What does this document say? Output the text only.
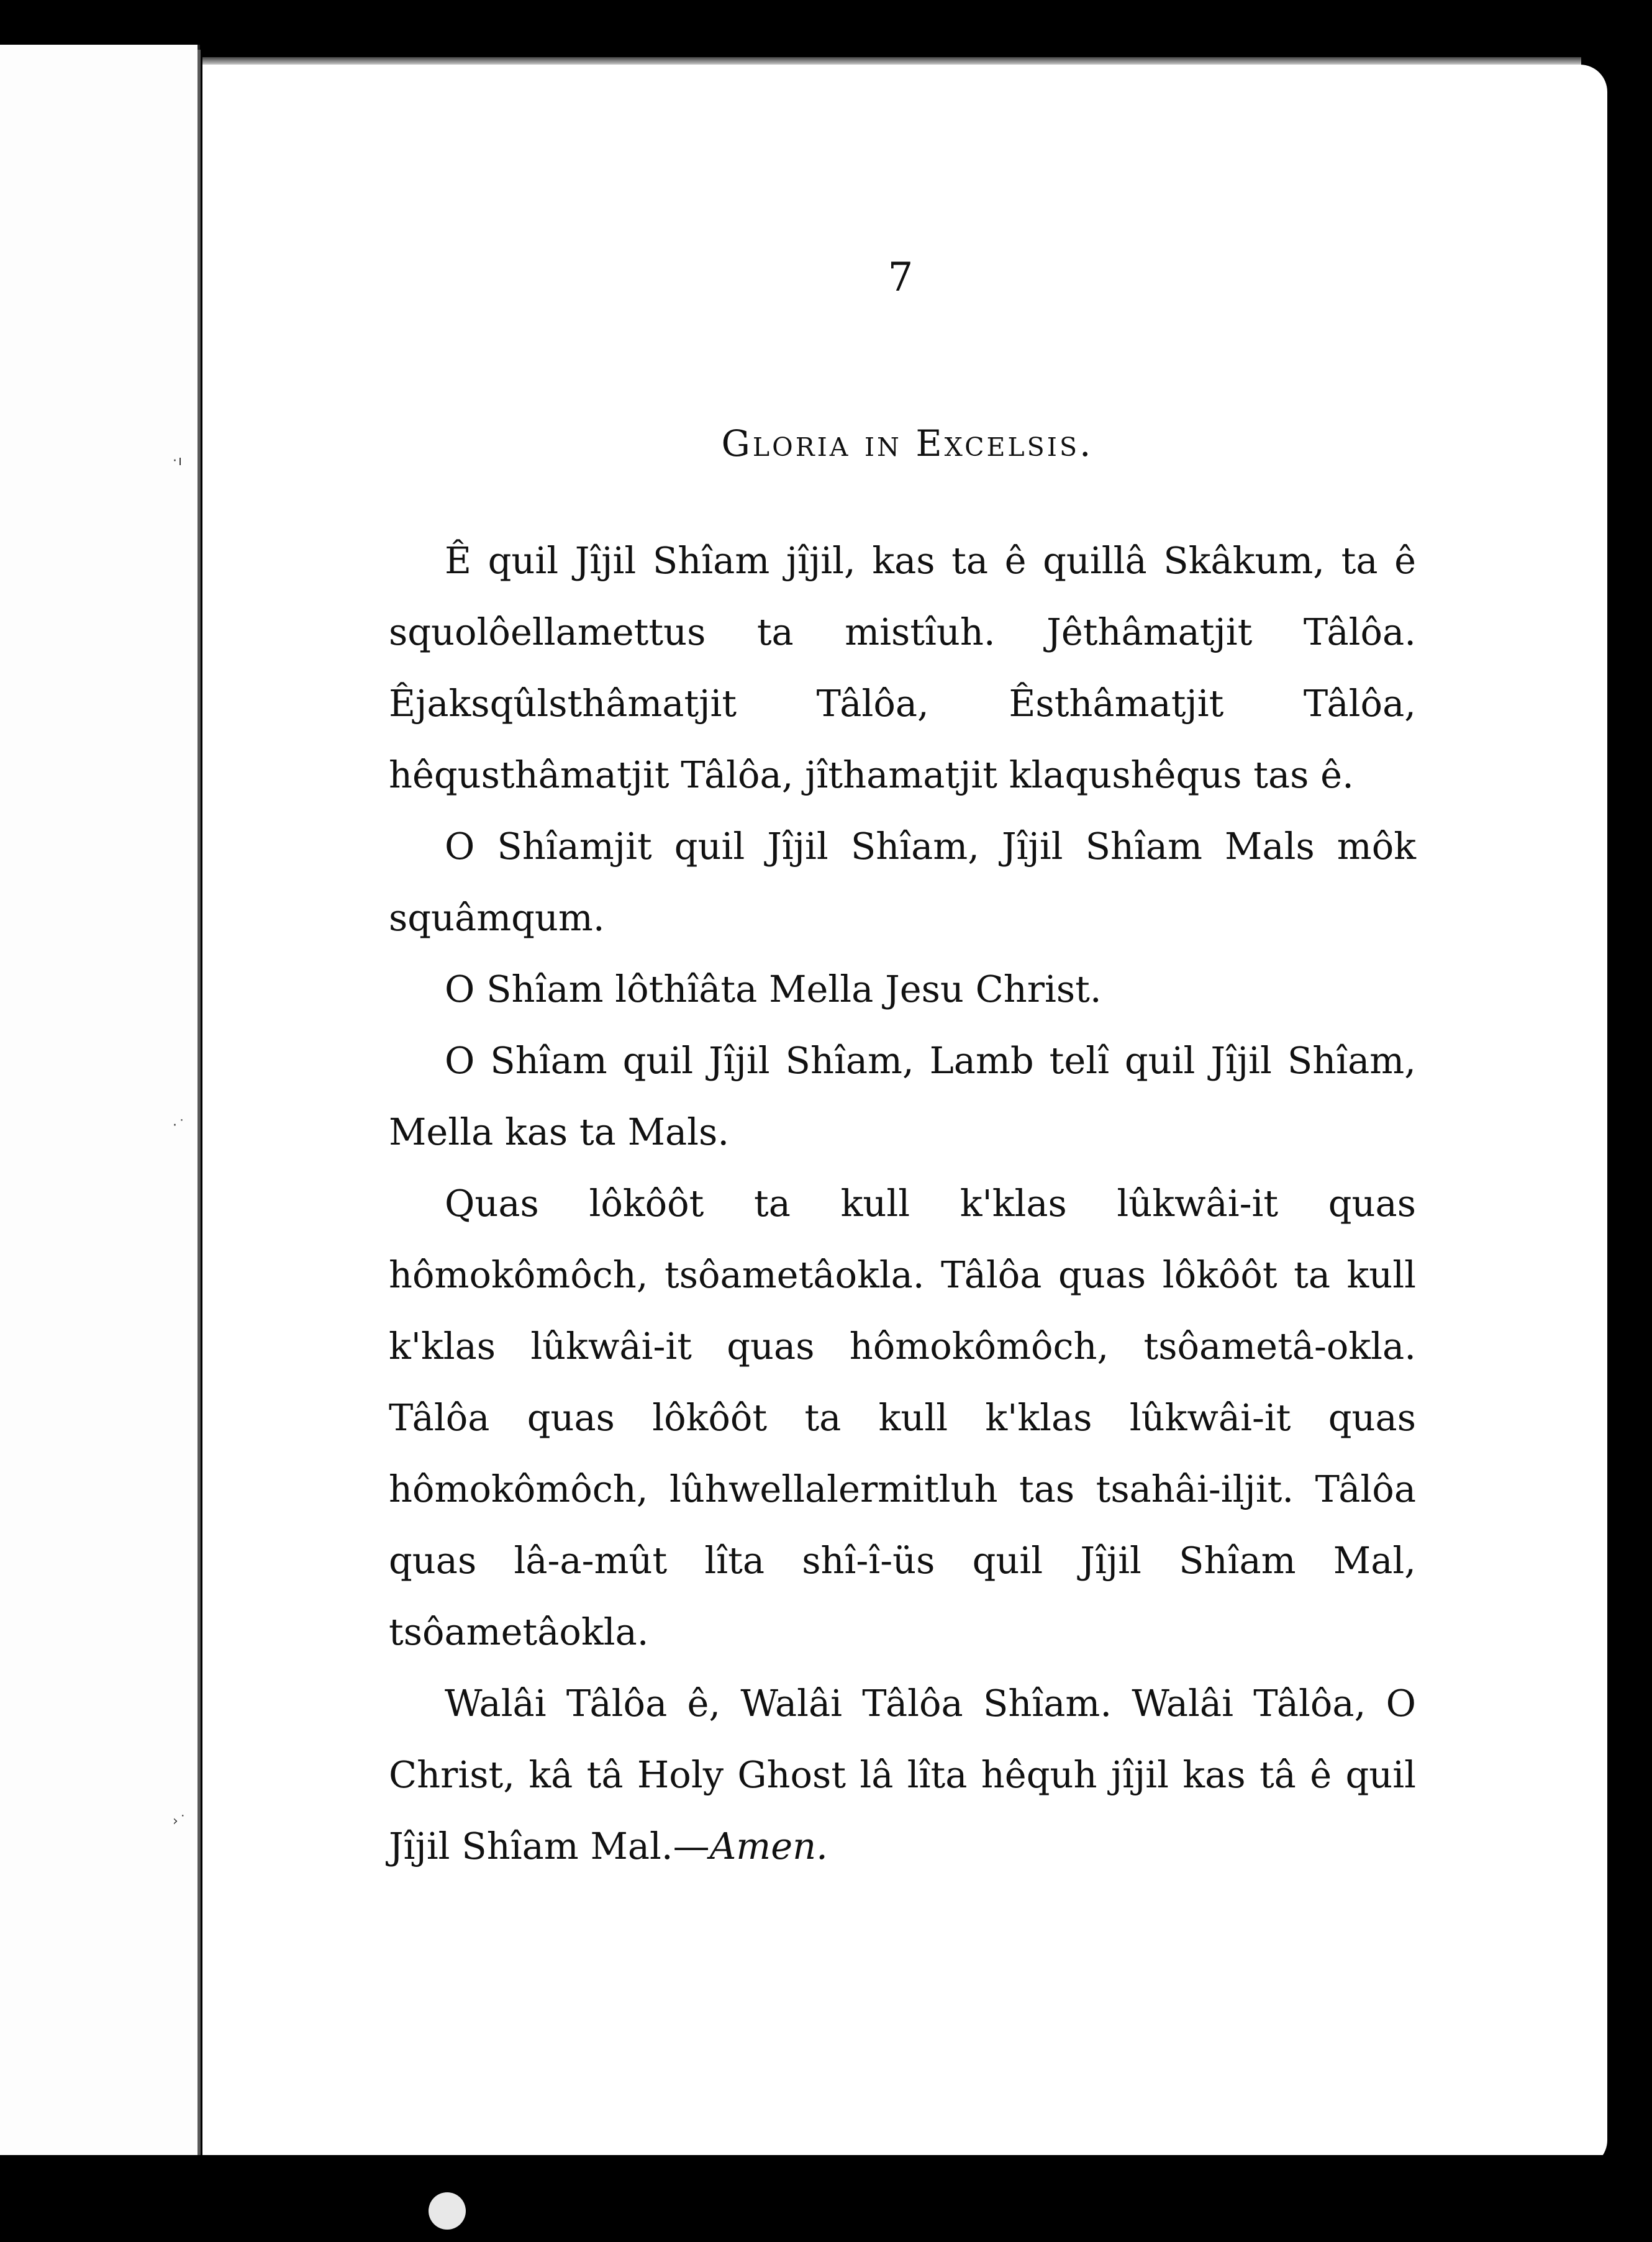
·ı
·˙
›˙
7
Gloria in Excelsis.

Ê quil Jîjil Shîam jîjil, kas ta ê quillâ Skâkum, ta ê squolôellamettus ta mistîuh. Jêthâmatjit Tâlôa. Êjaksqûlsthâmatjit Tâlôa, Êsthâmatjit Tâlôa, hêqusthâmatjit Tâlôa, jîthamatjit klaqushêqus tas ê.

O Shîamjit quil Jîjil Shîam, Jîjil Shîam Mals môk squâmqum.

O Shîam lôthîâta Mella Jesu Christ.

O Shîam quil Jîjil Shîam, Lamb telî quil Jîjil Shîam, Mella kas ta Mals.

Quas lôkôôt ta kull k'klas lûkwâi-it quas hômokômôch, tsôametâokla. Tâlôa quas lôkôôt ta kull k'klas lûkwâi-it quas hômokômôch, tsôametâ-okla. Tâlôa quas lôkôôt ta kull k'klas lûkwâi-it quas hômokômôch, lûhwellalermitluh tas tsahâi-iljit. Tâlôa quas lâ-a-mût lîta shî-î-üs quil Jîjil Shîam Mal, tsôametâokla.

Walâi Tâlôa ê, Walâi Tâlôa Shîam. Walâi Tâlôa, O Christ, kâ tâ Holy Ghost lâ lîta hêquh jîjil kas tâ ê quil Jîjil Shîam Mal.—Amen.
